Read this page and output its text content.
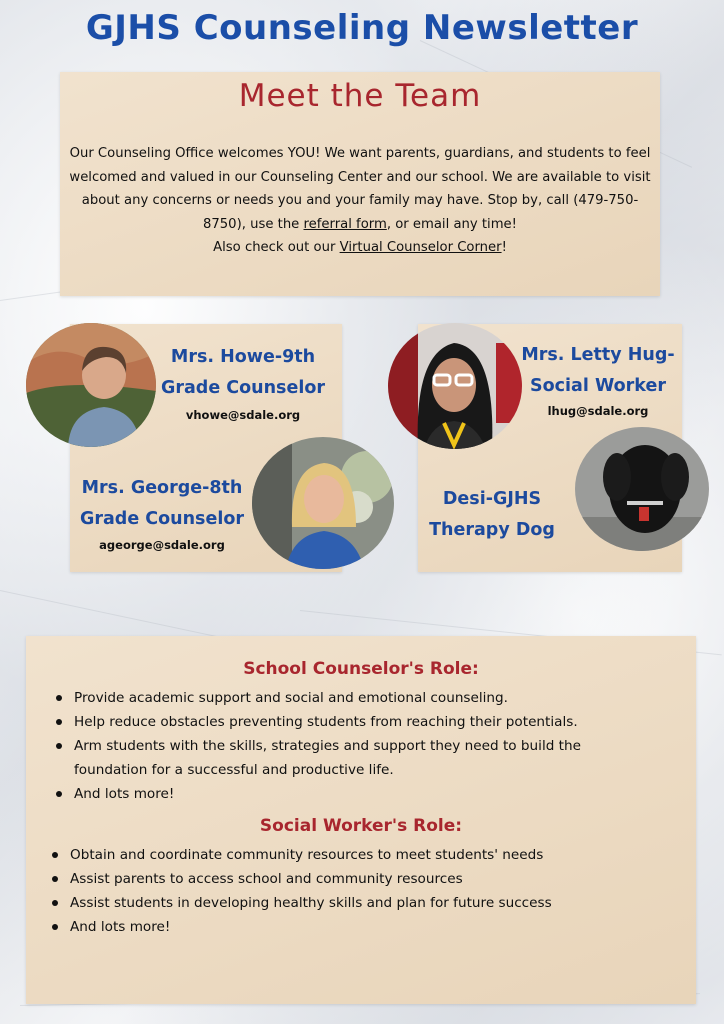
GJHS Counseling Newsletter
Meet the Team
Our Counseling Office welcomes YOU! We want parents, guardians, and students to feel welcomed and valued in our Counseling Center and our school. We are available to visit about any concerns or needs you and your family may have. Stop by, call (479-750-8750), use the referral form, or email any time!
Also check out our Virtual Counselor Corner!
Mrs. Howe-9th
Grade Counselor
vhowe@sdale.org
Mrs. George-8th
Grade Counselor
ageorge@sdale.org
Mrs. Letty Hug-
Social Worker
lhug@sdale.org
Desi-GJHS
Therapy Dog
School Counselor's Role:
Provide academic support and social and emotional counseling.
Help reduce obstacles preventing students from reaching their potentials.
Arm students with the skills, strategies and support they need to build the foundation for a successful and productive life.
And lots more!
Social Worker's Role:
Obtain and coordinate community resources to meet students' needs
Assist parents to access school and community resources
Assist students in developing healthy skills and plan for future success
And lots more!
